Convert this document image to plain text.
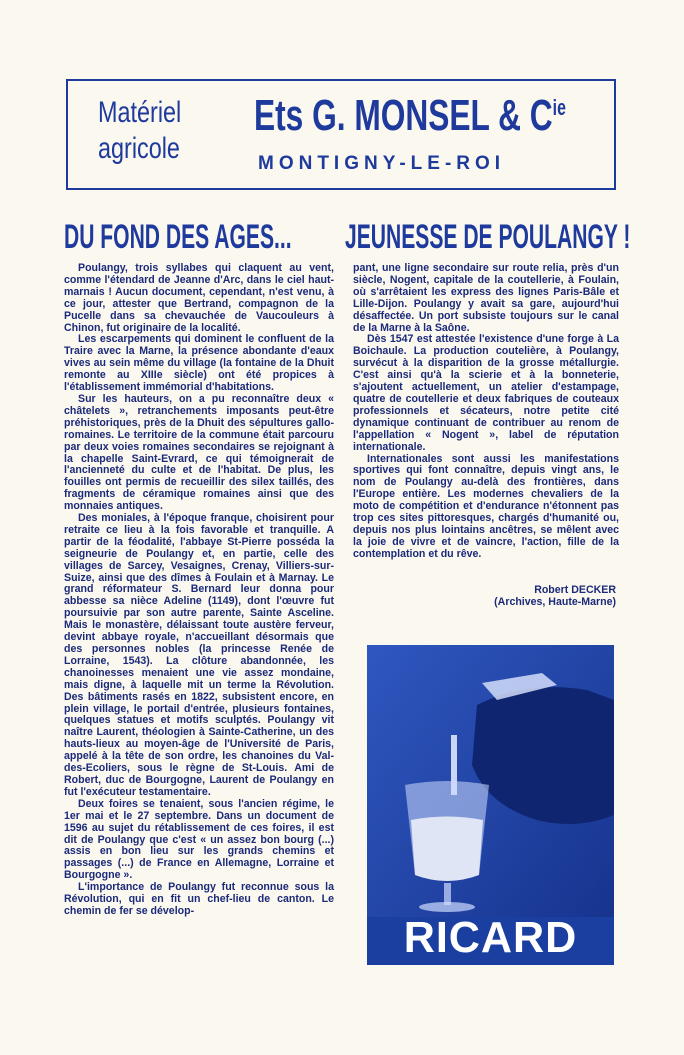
Matériel
agricole
Ets G. MONSEL & $C^{ie}$
MONTIGNY-LE-ROI
DU FOND DES AGES... JEUNESSE DE POULANGY !

Poulangy, trois syllabes qui claquent au vent, comme l'étendard de Jeanne d'Arc, dans le ciel haut-marnais ! Aucun document, cependant, n'est venu, à ce jour, attester que Bertrand, compagnon de la Pucelle dans sa chevauchée de Vaucouleurs à Chinon, fut originaire de la localité.

Les escarpements qui dominent le confluent de la Traire avec la Marne, la présence abondante d'eaux vives au sein même du village (la fontaine de la Dhuit remonte au XIIIe siècle) ont été propices à l'établissement immémorial d'habitations.

Sur les hauteurs, on a pu reconnaître deux « châtelets », retranchements imposants peut-être préhistoriques, près de la Dhuit des sépultures gallo-romaines. Le territoire de la commune était parcouru par deux voies romaines secondaires se rejoignant à la chapelle Saint-Evrard, ce qui témoignerait de l'ancienneté du culte et de l'habitat. De plus, les fouilles ont permis de recueillir des silex taillés, des fragments de céramique romaines ainsi que des monnaies antiques.

Des moniales, à l'époque franque, choisirent pour retraite ce lieu à la fois favorable et tranquille. A partir de la féodalité, l'abbaye St-Pierre posséda la seigneurie de Poulangy et, en partie, celle des villages de Sarcey, Vesaignes, Crenay, Villiers-sur-Suize, ainsi que des dîmes à Foulain et à Marnay. Le grand réformateur S. Bernard leur donna pour abbesse sa nièce Adeline (1149), dont l'œuvre fut poursuivie par son autre parente, Sainte Asceline. Mais le monastère, délaissant toute austère ferveur, devint abbaye royale, n'accueillant désormais que des personnes nobles (la princesse Renée de Lorraine, 1543). La clôture abandonnée, les chanoinesses menaient une vie assez mondaine, mais digne, à laquelle mit un terme la Révolution. Des bâtiments rasés en 1822, subsistent encore, en plein village, le portail d'entrée, plusieurs fontaines, quelques statues et motifs sculptés. Poulangy vit naître Laurent, théologien à Sainte-Catherine, un des hauts-lieux au moyen-âge de l'Université de Paris, appelé à la tête de son ordre, les chanoines du Val-des-Ecoliers, sous le règne de St-Louis. Ami de Robert, duc de Bourgogne, Laurent de Poulangy en fut l'exécuteur testamentaire.

Deux foires se tenaient, sous l'ancien régime, le 1er mai et le 27 septembre. Dans un document de 1596 au sujet du rétablissement de ces foires, il est dit de Poulangy que c'est « un assez bon bourg (...) assis en bon lieu sur les grands chemins et passages (...) de France en Allemagne, Lorraine et Bourgogne ».

L'importance de Poulangy fut reconnue sous la Révolution, qui en fit un chef-lieu de canton. Le chemin de fer se dévelop-

pant, une ligne secondaire sur route relia, près d'un siècle, Nogent, capitale de la coutellerie, à Foulain, où s'arrêtaient les express des lignes Paris-Bâle et Lille-Dijon. Poulangy y avait sa gare, aujourd'hui désaffectée. Un port subsiste toujours sur le canal de la Marne à la Saône.

Dès 1547 est attestée l'existence d'une forge à La Boichaule. La production coutelière, à Poulangy, survécut à la disparition de la grosse métallurgie. C'est ainsi qu'à la scierie et à la bonneterie, s'ajoutent actuellement, un atelier d'estampage, quatre de coutellerie et deux fabriques de couteaux professionnels et sécateurs, notre petite cité dynamique continuant de contribuer au renom de l'appellation « Nogent », label de réputation internationale.

Internationales sont aussi les manifestations sportives qui font connaître, depuis vingt ans, le nom de Poulangy au-delà des frontières, dans l'Europe entière. Les modernes chevaliers de la moto de compétition et d'endurance n'étonnent pas trop ces sites pittoresques, chargés d'humanité ou, depuis nos plus lointains ancêtres, se mêlent avec la joie de vivre et de vaincre, l'action, fille de la contemplation et du rêve.

Robert DECKER
(Archives, Haute-Marne)
RICARD
